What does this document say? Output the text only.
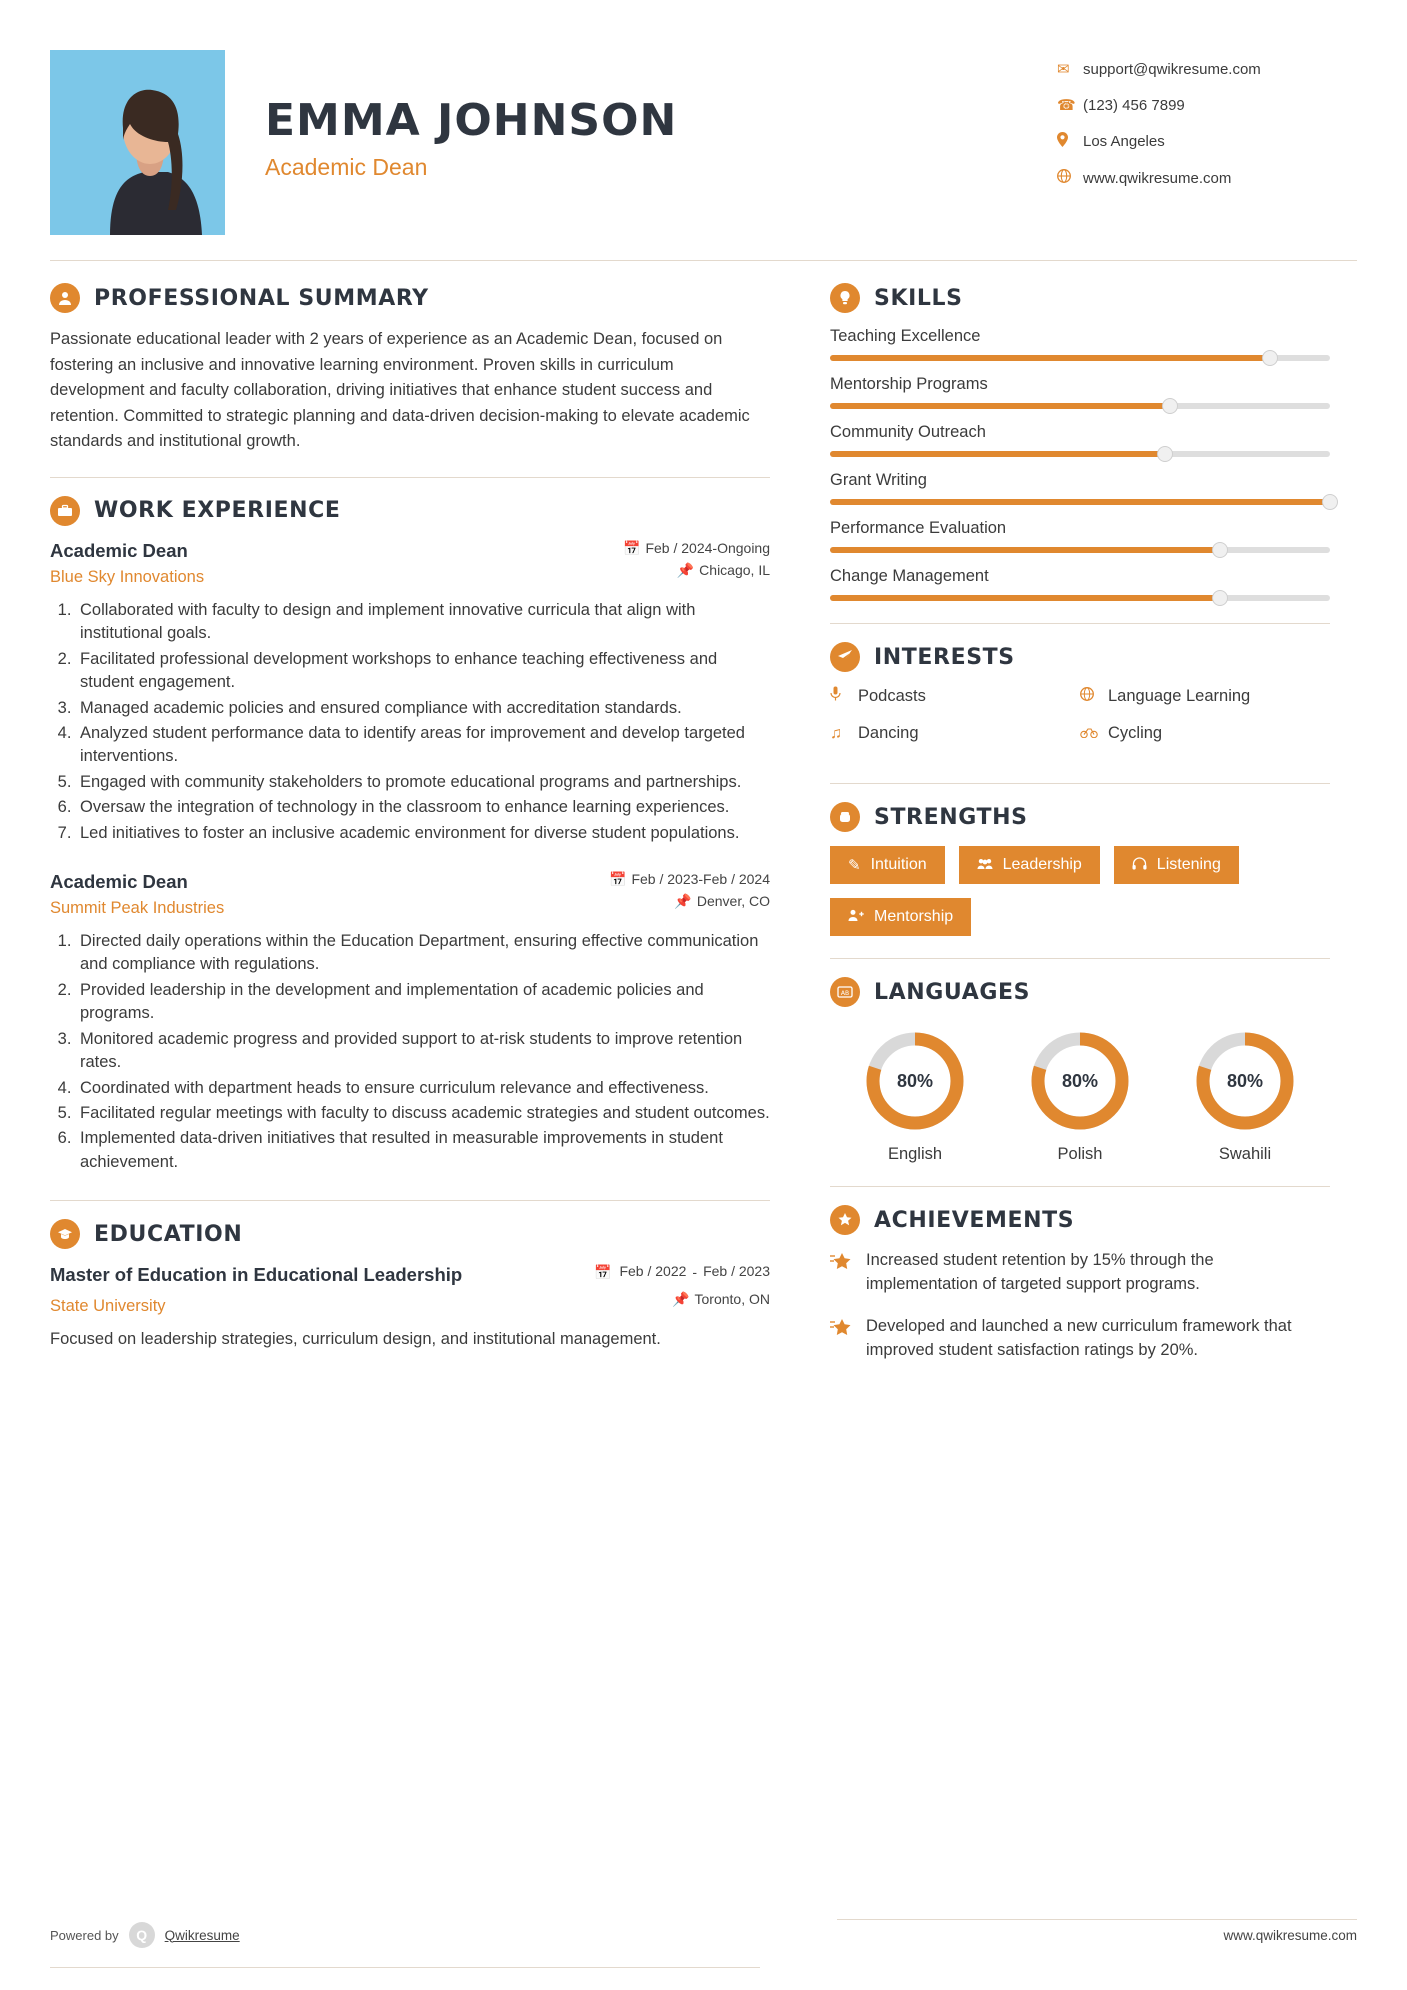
EMMA JOHNSON
Academic Dean
✉ support@qwikresume.com
☎ (123) 456 7899
Los Angeles
www.qwikresume.com
PROFESSIONAL SUMMARY
Passionate educational leader with 2 years of experience as an Academic Dean, focused on fostering an inclusive and innovative learning environment. Proven skills in curriculum development and faculty collaboration, driving initiatives that enhance student success and retention. Committed to strategic planning and data-driven decision-making to elevate academic standards and institutional growth.
WORK EXPERIENCE
Academic Dean	📅 Feb / 2024-Ongoing
Blue Sky Innovations	📌 Chicago, IL
1. Collaborated with faculty to design and implement innovative curricula that align with institutional goals.
2. Facilitated professional development workshops to enhance teaching effectiveness and student engagement.
3. Managed academic policies and ensured compliance with accreditation standards.
4. Analyzed student performance data to identify areas for improvement and develop targeted interventions.
5. Engaged with community stakeholders to promote educational programs and partnerships.
6. Oversaw the integration of technology in the classroom to enhance learning experiences.
7. Led initiatives to foster an inclusive academic environment for diverse student populations.
Academic Dean	📅 Feb / 2023-Feb / 2024
Summit Peak Industries	📌 Denver, CO
1. Directed daily operations within the Education Department, ensuring effective communication and compliance with regulations.
2. Provided leadership in the development and implementation of academic policies and programs.
3. Monitored academic progress and provided support to at-risk students to improve retention rates.
4. Coordinated with department heads to ensure curriculum relevance and effectiveness.
5. Facilitated regular meetings with faculty to discuss academic strategies and student outcomes.
6. Implemented data-driven initiatives that resulted in measurable improvements in student achievement.
EDUCATION
Master of Education in Educational Leadership	📅 Feb / 2022 - Feb / 2023
State University	📌 Toronto, ON
Focused on leadership strategies, curriculum design, and institutional management.
SKILLS
Teaching Excellence
Mentorship Programs
Community Outreach
Grant Writing
Performance Evaluation
Change Management
INTERESTS
Podcasts	Language Learning
♫ Dancing	Cycling
STRENGTHS
✎ Intuition	Leadership	Listening
Mentorship
AB LANGUAGES
80%
English
80%
Polish
80%
Swahili
ACHIEVEMENTS
Increased student retention by 15% through the implementation of targeted support programs.
Developed and launched a new curriculum framework that improved student satisfaction ratings by 20%.
Powered by	Q	Qwikresume	www.qwikresume.com
